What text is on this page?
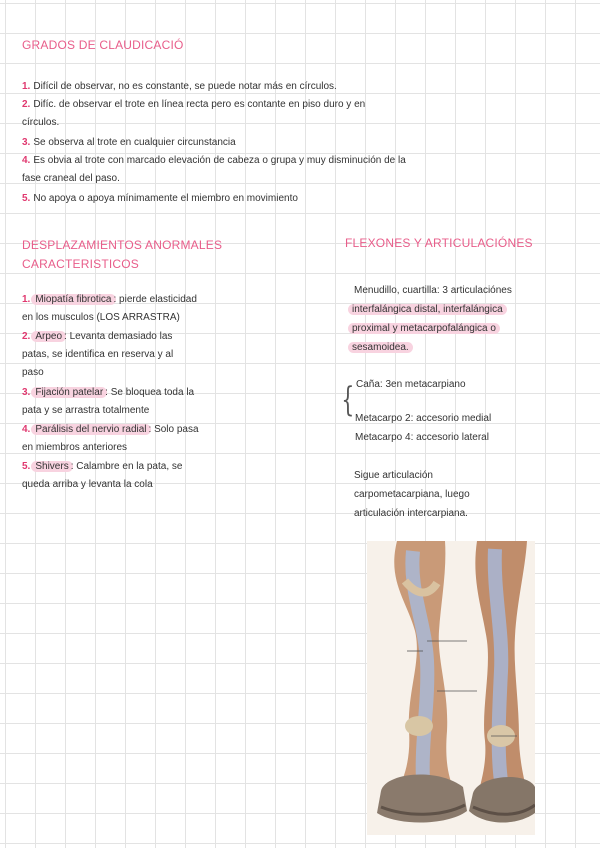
GRADOS DE CLAUDICACIÓ
1. Difícil de observar, no es constante, se puede notar más en círculos.
2. Difíc. de observar el trote en línea recta pero es contante en piso duro y en
círculos.
3. Se observa al trote en cualquier circunstancia
4. Es obvia al trote con marcado elevación de cabeza o grupa y muy disminución de la
fase craneal del paso.
5. No apoya o apoya mínimamente el miembro en movimiento
DESPLAZAMIENTOS ANORMALES
CARACTERISTICOS
1. Miopatía fibrotica : pierde elasticidad
en los musculos (LOS ARRASTRA)
2. Arpeo : Levanta demasiado las
patas, se identifica en reserva y al
paso
3. Fijación patelar : Se bloquea toda la
pata y se arrastra totalmente
4. Parálisis del nervio radial : Solo pasa
en miembros anteriores
5. Shivers : Calambre en la pata, se
queda arriba y levanta la cola
FLEXONES Y ARTICULACIÓNES
Menudillo, cuartilla: 3 articulaciónes
interfalángica distal, interfalángica
proximal y metacarpofalángica o
sesamoidea.
Caña: 3en metacarpiano
{ Metacarpo 2: accesorio medial
Metacarpo 4: accesorio lateral
Sigue articulación
carpometacarpiana, luego
articulación intercarpiana.
